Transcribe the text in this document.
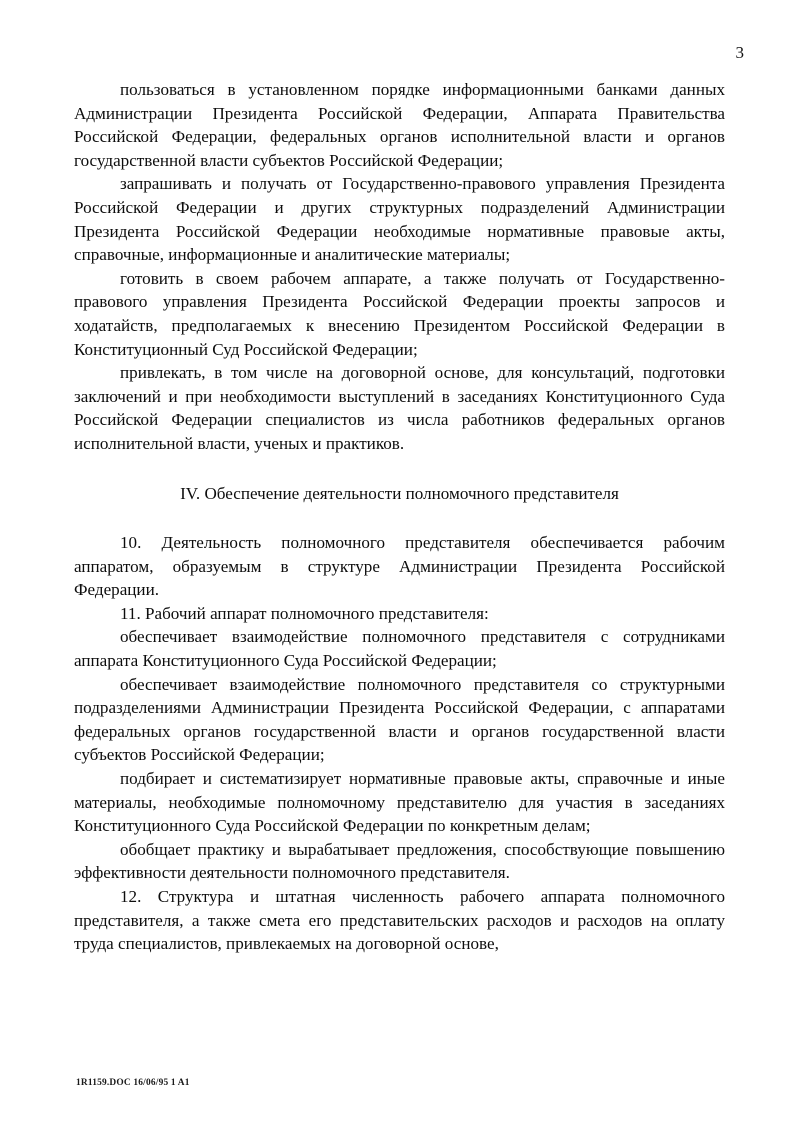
3

пользоваться в установленном порядке информационными банками данных Администрации Президента Российской Федерации, Аппарата Правительства Российской Федерации, федеральных органов исполнительной власти и органов государственной власти субъектов Российской Федерации;

запрашивать и получать от Государственно-правового управления Президента Российской Федерации и других структурных подразделений Администрации Президента Российской Федерации необходимые нормативные правовые акты, справочные, информационные и аналитические материалы;

готовить в своем рабочем аппарате, а также получать от Государственно-правового управления Президента Российской Федерации проекты запросов и ходатайств, предполагаемых к внесению Президентом Российской Федерации в Конституционный Суд Российской Федерации;

привлекать, в том числе на договорной основе, для консультаций, подготовки заключений и при необходимости выступлений в заседаниях Конституционного Суда Российской Федерации специалистов из числа работников федеральных органов исполнительной власти, ученых и практиков.

IV. Обеспечение деятельности полномочного представителя

10. Деятельность полномочного представителя обеспечивается рабочим аппаратом, образуемым в структуре Администрации Президента Российской Федерации.

11. Рабочий аппарат полномочного представителя:

обеспечивает взаимодействие полномочного представителя с сотрудниками аппарата Конституционного Суда Российской Федерации;

обеспечивает взаимодействие полномочного представителя со структурными подразделениями Администрации Президента Российской Федерации, с аппаратами федеральных органов государственной власти и органов государственной власти субъектов Российской Федерации;

подбирает и систематизирует нормативные правовые акты, справочные и иные материалы, необходимые полномочному представителю для участия в заседаниях Конституционного Суда Российской Федерации по конкретным делам;

обобщает практику и вырабатывает предложения, способствующие повышению эффективности деятельности полномочного представителя.

12. Структура и штатная численность рабочего аппарата полномочного представителя, а также смета его представительских расходов и расходов на оплату труда специалистов, привлекаемых на договорной основе,

1R1159.DOC 16/06/95 1 A1
